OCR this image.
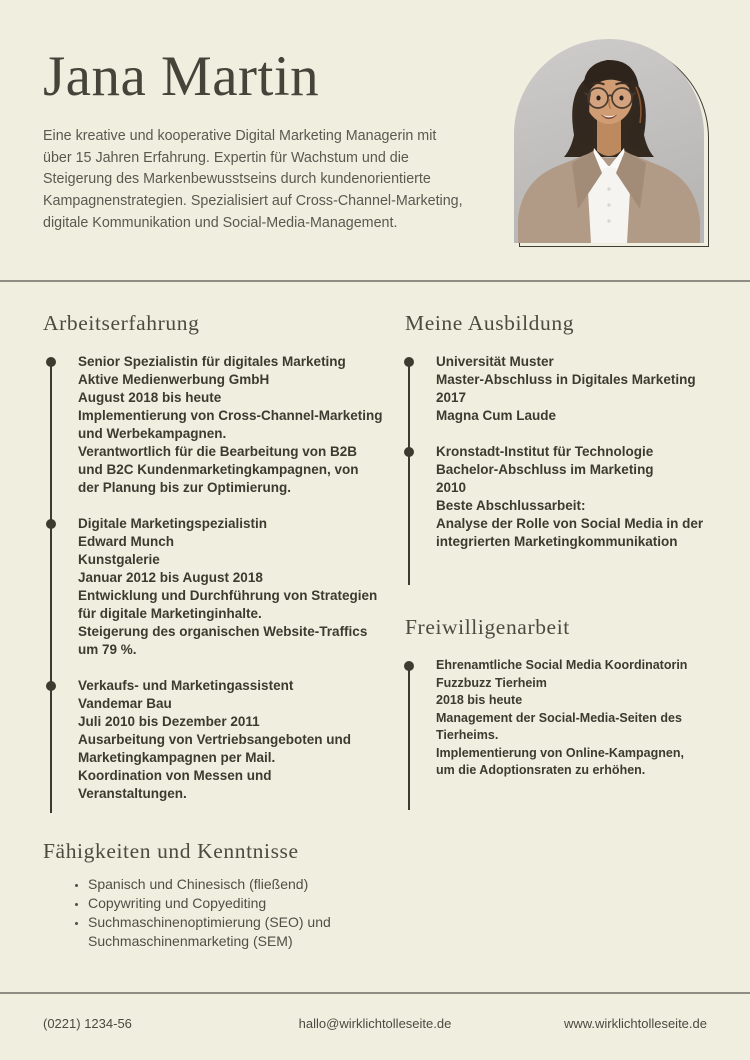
Jana Martin

Eine kreative und kooperative Digital Marketing Managerin mit über 15 Jahren Erfahrung. Expertin für Wachstum und die Steigerung des Markenbewusstseins durch kundenorientierte Kampagnenstrategien. Spezialisiert auf Cross-Channel-Marketing, digitale Kommunikation und Social-Media-Management.

Arbeitserfahrung
Senior Spezialistin für digitales Marketing
Aktive Medienwerbung GmbH
August 2018 bis heute
Implementierung von Cross-Channel-Marketing und Werbekampagnen.
Verantwortlich für die Bearbeitung von B2B und B2C Kundenmarketingkampagnen, von der Planung bis zur Optimierung.
Digitale Marketingspezialistin
Edward Munch
Kunstgalerie
Januar 2012 bis August 2018
Entwicklung und Durchführung von Strategien für digitale Marketinginhalte.
Steigerung des organischen Website-Traffics um 79 %.
Verkaufs- und Marketingassistent
Vandemar Bau
Juli 2010 bis Dezember 2011
Ausarbeitung von Vertriebsangeboten und Marketingkampagnen per Mail.
Koordination von Messen und Veranstaltungen.
Meine Ausbildung
Universität Muster
Master-Abschluss in Digitales Marketing
2017
Magna Cum Laude
Kronstadt-Institut für Technologie
Bachelor-Abschluss im Marketing
2010
Beste Abschlussarbeit:
Analyse der Rolle von Social Media in der integrierten Marketingkommunikation
Freiwilligenarbeit
Ehrenamtliche Social Media Koordinatorin
Fuzzbuzz Tierheim
2018 bis heute
Management der Social-Media-Seiten des Tierheims.
Implementierung von Online-Kampagnen, um die Adoptionsraten zu erhöhen.
Fähigkeiten und Kenntnisse
• Spanisch und Chinesisch (fließend)
• Copywriting und Copyediting
• Suchmaschinenoptimierung (SEO) und Suchmaschinenmarketing (SEM)
(0221) 1234-56	hallo@wirklichtolleseite.de	www.wirklichtolleseite.de
